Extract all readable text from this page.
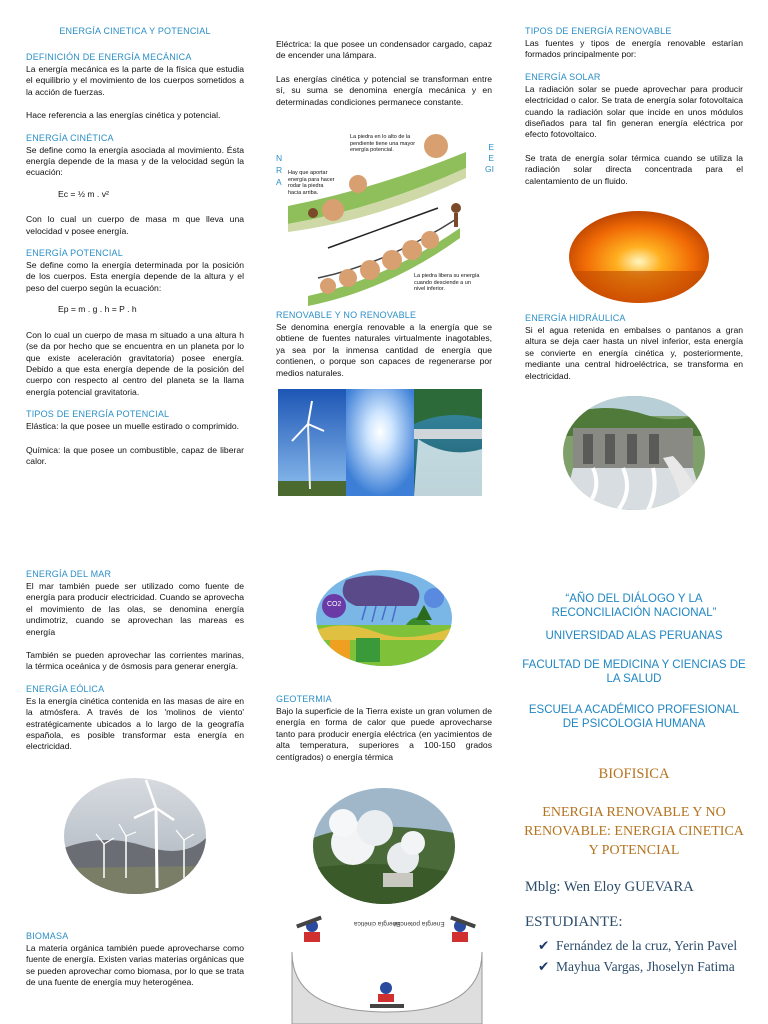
ENERGÍA CINETICA Y POTENCIAL
DEFINICIÓN DE ENERGÍA MECÁNICA
La energía mecánica es la parte de la física que estudia el equilibrio y el movimiento de los cuerpos sometidos a la acción de fuerzas.
Hace referencia a las energías cinética y potencial.
ENERGÍA CINÉTICA
Se define como la energía asociada al movimiento. Ésta energía depende de la masa y de la velocidad según la ecuación:
Ec = ½ m . v²
Con lo cual un cuerpo de masa m que lleva una velocidad v posee energía.
ENERGÍA POTENCIAL
Se define como la energía determinada por la posición de los cuerpos. Esta energía depende de la altura y el peso del cuerpo según la ecuación:
Ep = m . g . h = P . h
Con lo cual un cuerpo de masa m situado a una altura h (se da por hecho que se encuentra en un planeta por lo que existe aceleración gravitatoria) posee energía. Debido a que esta energía depende de la posición del cuerpo con respecto al centro del planeta se la llama energía potencial gravitatoria.
TIPOS DE ENERGÍA POTENCIAL
Elástica: la que posee un muelle estirado o comprimido.
Química: la que posee un combustible, capaz de liberar calor.
Eléctrica: la que posee un condensador cargado, capaz de encender una lámpara.
Las energías cinética y potencial se transforman entre sí, su suma se denomina energía mecánica y en determinadas condiciones permanece constante.
N
R
A
E
E
GI
La piedra en lo alto de la pendiente tiene una mayor energía potencial.
Hay que aportar energía para hacer rodar la piedra hacia arriba.
La piedra libera su energía cuando desciende a un nivel inferior.
RENOVABLE Y NO RENOVABLE
Se denomina energía renovable a la energía que se obtiene de fuentes naturales virtualmente inagotables, ya sea por la inmensa cantidad de energía que contienen, o porque son capaces de regenerarse por medios naturales.
TIPOS DE ENERGÍA RENOVABLE
Las fuentes y tipos de energía renovable estarían formados principalmente por:
ENERGÍA SOLAR
La radiación solar se puede aprovechar para producir electricidad o calor. Se trata de energía solar fotovoltaica cuando la radiación solar que incide en unos módulos diseñados para tal fin generan energía eléctrica por efecto fotovoltaico.
Se trata de energía solar térmica cuando se utiliza la radiación solar directa concentrada para el calentamiento de un fluido.
ENERGÍA HIDRÁULICA
Si el agua retenida en embalses o pantanos a gran altura se deja caer hasta un nivel inferior, esta energía se convierte en energía cinética y, posteriormente, mediante una central hidroeléctrica, se transforma en electricidad.
ENERGÍA DEL MAR
El mar también puede ser utilizado como fuente de energía para producir electricidad. Cuando se aprovecha el movimiento de las olas, se denomina energía undimotriz, cuando se aprovechan las mareas es energía
También se pueden aprovechar las corrientes marinas, la térmica oceánica y de ósmosis para generar energía.
ENERGÍA EÓLICA
Es la energía cinética contenida en las masas de aire en la atmósfera. A través de los 'molinos de viento' estratégicamente ubicados a lo largo de la geografía española, es posible transformar esta energía en electricidad.
BIOMASA
La materia orgánica también puede aprovecharse como fuente de energía. Existen varias materias orgánicas que se pueden aprovechar como biomasa, por lo que se trata de una fuente de energía muy heterogénea.
CO2
GEOTERMIA
Bajo la superficie de la Tierra existe un gran volumen de energía en forma de calor que puede aprovecharse tanto para producir energía eléctrica (en yacimientos de alta temperatura, superiores a 100-150 grados centígrados) o energía térmica
Energía cinética
Energía potencial
“AÑO DEL DIÁLOGO Y LA RECONCILIACIÓN NACIONAL”
UNIVERSIDAD ALAS PERUANAS
FACULTAD DE MEDICINA Y CIENCIAS DE LA SALUD
ESCUELA ACADÉMICO PROFESIONAL DE PSICOLOGIA HUMANA
BIOFISICA
ENERGIA RENOVABLE Y NO RENOVABLE: ENERGIA CINETICA Y POTENCIAL
Mblg: Wen Eloy GUEVARA
ESTUDIANTE:
✔ Fernández de la cruz, Yerin Pavel
✔ Mayhua Vargas, Jhoselyn Fatima
